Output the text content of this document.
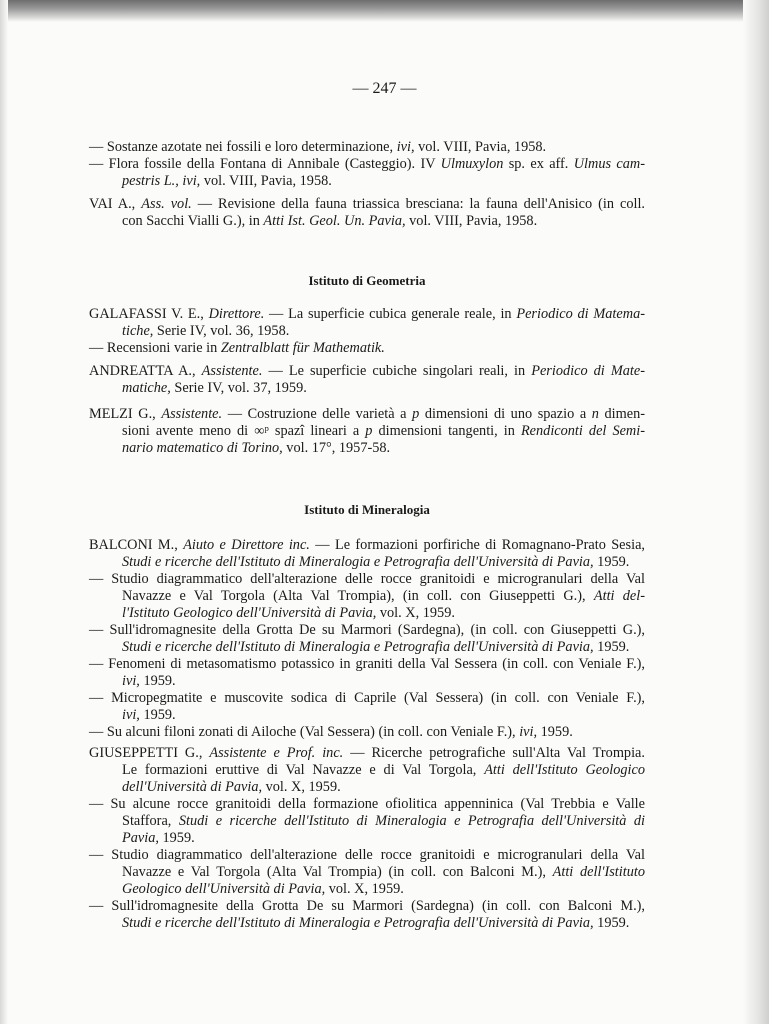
— 247 —
— Sostanze azotate nei fossili e loro determinazione, ivi, vol. VIII, Pavia, 1958.
— Flora fossile della Fontana di Annibale (Casteggio). IV Ulmuxylon sp. ex aff. Ulmus cam-
pestris L., ivi, vol. VIII, Pavia, 1958.
VAI A., Ass. vol. — Revisione della fauna triassica bresciana: la fauna dell'Anisico (in coll.
con Sacchi Vialli G.), in Atti Ist. Geol. Un. Pavia, vol. VIII, Pavia, 1958.
Istituto di Geometria
GALAFASSI V. E., Direttore. — La superficie cubica generale reale, in Periodico di Matema-
tiche, Serie IV, vol. 36, 1958.
— Recensioni varie in Zentralblatt für Mathematik.
ANDREATTA A., Assistente. — Le superficie cubiche singolari reali, in Periodico di Mate-
matiche, Serie IV, vol. 37, 1959.
MELZI G., Assistente. — Costruzione delle varietà a p dimensioni di uno spazio a n dimen-
sioni avente meno di ∞ᵖ spazî lineari a p dimensioni tangenti, in Rendiconti del Semi-
nario matematico di Torino, vol. 17°, 1957-58.
Istituto di Mineralogia
BALCONI M., Aiuto e Direttore inc. — Le formazioni porfiriche di Romagnano-Prato Sesia,
Studi e ricerche dell'Istituto di Mineralogia e Petrografia dell'Università di Pavia, 1959.
— Studio diagrammatico dell'alterazione delle rocce granitoidi e microgranulari della Val
Navazze e Val Torgola (Alta Val Trompia), (in coll. con Giuseppetti G.), Atti del-
l'Istituto Geologico dell'Università di Pavia, vol. X, 1959.
— Sull'idromagnesite della Grotta De su Marmori (Sardegna), (in coll. con Giuseppetti G.),
Studi e ricerche dell'Istituto di Mineralogia e Petrografia dell'Università di Pavia, 1959.
— Fenomeni di metasomatismo potassico in graniti della Val Sessera (in coll. con Veniale F.),
ivi, 1959.
— Micropegmatite e muscovite sodica di Caprile (Val Sessera) (in coll. con Veniale F.),
ivi, 1959.
— Su alcuni filoni zonati di Ailoche (Val Sessera) (in coll. con Veniale F.), ivi, 1959.
GIUSEPPETTI G., Assistente e Prof. inc. — Ricerche petrografiche sull'Alta Val Trompia.
Le formazioni eruttive di Val Navazze e di Val Torgola, Atti dell'Istituto Geologico
dell'Università di Pavia, vol. X, 1959.
— Su alcune rocce granitoidi della formazione ofiolitica appenninica (Val Trebbia e Valle
Staffora, Studi e ricerche dell'Istituto di Mineralogia e Petrografia dell'Università di
Pavia, 1959.
— Studio diagrammatico dell'alterazione delle rocce granitoidi e microgranulari della Val
Navazze e Val Torgola (Alta Val Trompia) (in coll. con Balconi M.), Atti dell'Istituto
Geologico dell'Università di Pavia, vol. X, 1959.
— Sull'idromagnesite della Grotta De su Marmori (Sardegna) (in coll. con Balconi M.),
Studi e ricerche dell'Istituto di Mineralogia e Petrografia dell'Università di Pavia, 1959.
